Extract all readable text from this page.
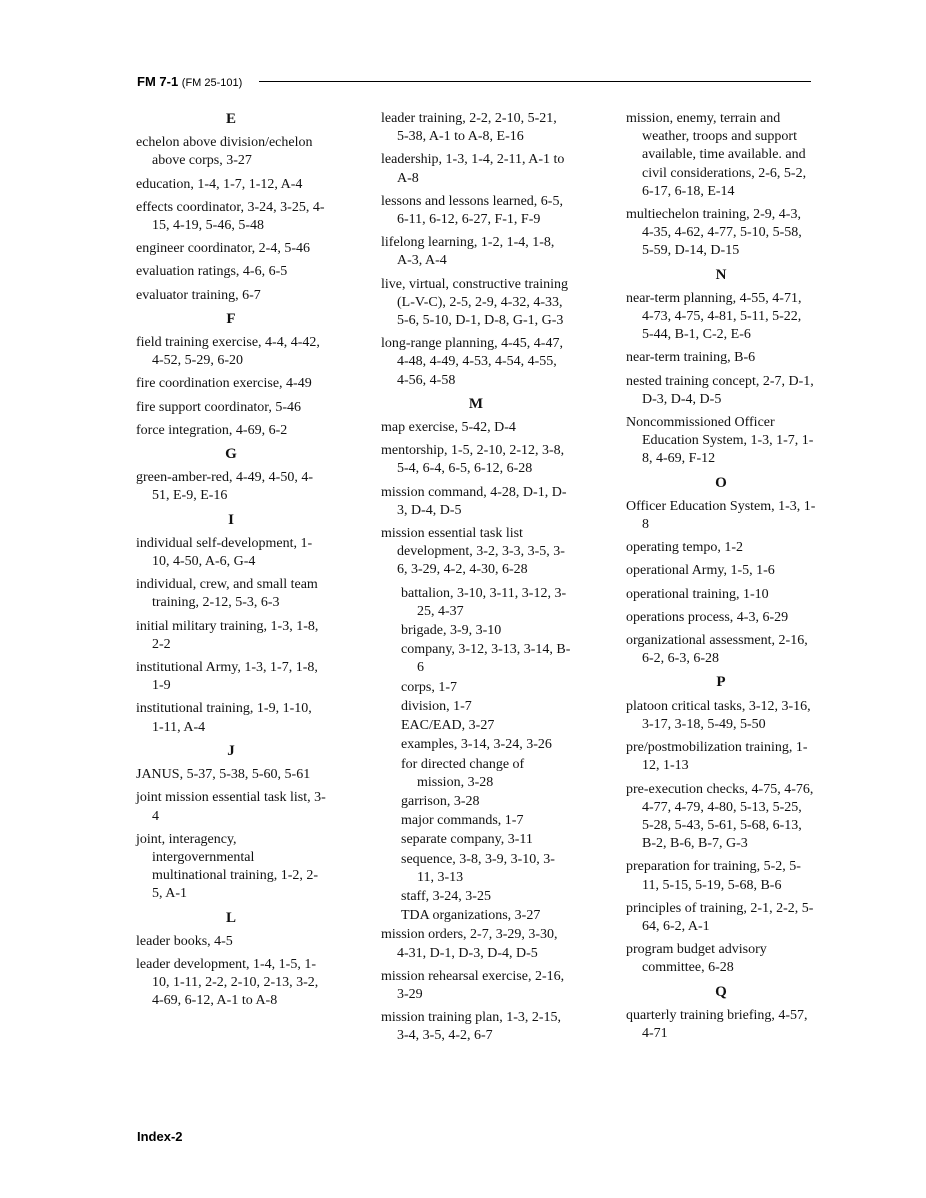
FM 7-1 (FM 25-101)
E
echelon above division/echelon above corps, 3-27
education, 1-4, 1-7, 1-12, A-4
effects coordinator, 3-24, 3-25, 4-15, 4-19, 5-46, 5-48
engineer coordinator, 2-4, 5-46
evaluation ratings, 4-6, 6-5
evaluator training, 6-7
F
field training exercise, 4-4, 4-42, 4-52, 5-29, 6-20
fire coordination exercise, 4-49
fire support coordinator, 5-46
force integration, 4-69, 6-2
G
green-amber-red, 4-49, 4-50, 4-51, E-9, E-16
I
individual self-development, 1-10, 4-50, A-6, G-4
individual, crew, and small team training, 2-12, 5-3, 6-3
initial military training, 1-3, 1-8, 2-2
institutional Army, 1-3, 1-7, 1-8, 1-9
institutional training, 1-9, 1-10, 1-11, A-4
J
JANUS, 5-37, 5-38, 5-60, 5-61
joint mission essential task list, 3-4
joint, interagency, intergovernmental multinational training, 1-2, 2-5, A-1
L
leader books, 4-5
leader development, 1-4, 1-5, 1-10, 1-11, 2-2, 2-10, 2-13, 3-2, 4-69, 6-12, A-1 to A-8
leader training, 2-2, 2-10, 5-21, 5-38, A-1 to A-8, E-16
leadership, 1-3, 1-4, 2-11, A-1 to A-8
lessons and lessons learned, 6-5, 6-11, 6-12, 6-27, F-1, F-9
lifelong learning, 1-2, 1-4, 1-8, A-3, A-4
live, virtual, constructive training (L-V-C), 2-5, 2-9, 4-32, 4-33, 5-6, 5-10, D-1, D-8, G-1, G-3
long-range planning, 4-45, 4-47, 4-48, 4-49, 4-53, 4-54, 4-55, 4-56, 4-58
M
map exercise, 5-42, D-4
mentorship, 1-5, 2-10, 2-12, 3-8, 5-4, 6-4, 6-5, 6-12, 6-28
mission command, 4-28, D-1, D-3, D-4, D-5
mission essential task list development, 3-2, 3-3, 3-5, 3-6, 3-29, 4-2, 4-30, 6-28
battalion, 3-10, 3-11, 3-12, 3-25, 4-37
brigade, 3-9, 3-10
company, 3-12, 3-13, 3-14, B-6
corps, 1-7
division, 1-7
EAC/EAD, 3-27
examples, 3-14, 3-24, 3-26
for directed change of mission, 3-28
garrison, 3-28
major commands, 1-7
separate company, 3-11
sequence, 3-8, 3-9, 3-10, 3-11, 3-13
staff, 3-24, 3-25
TDA organizations, 3-27
mission orders, 2-7, 3-29, 3-30, 4-31, D-1, D-3, D-4, D-5
mission rehearsal exercise, 2-16, 3-29
mission training plan, 1-3, 2-15, 3-4, 3-5, 4-2, 6-7
mission, enemy, terrain and weather, troops and support available, time available. and civil considerations, 2-6, 5-2, 6-17, 6-18, E-14
multiechelon training, 2-9, 4-3, 4-35, 4-62, 4-77, 5-10, 5-58, 5-59, D-14, D-15
N
near-term planning, 4-55, 4-71, 4-73, 4-75, 4-81, 5-11, 5-22, 5-44, B-1, C-2, E-6
near-term training, B-6
nested training concept, 2-7, D-1, D-3, D-4, D-5
Noncommissioned Officer Education System, 1-3, 1-7, 1-8, 4-69, F-12
O
Officer Education System, 1-3, 1-8
operating tempo, 1-2
operational Army, 1-5, 1-6
operational training, 1-10
operations process, 4-3, 6-29
organizational assessment, 2-16, 6-2, 6-3, 6-28
P
platoon critical tasks, 3-12, 3-16, 3-17, 3-18, 5-49, 5-50
pre/postmobilization training, 1-12, 1-13
pre-execution checks, 4-75, 4-76, 4-77, 4-79, 4-80, 5-13, 5-25, 5-28, 5-43, 5-61, 5-68, 6-13, B-2, B-6, B-7, G-3
preparation for training, 5-2, 5-11, 5-15, 5-19, 5-68, B-6
principles of training, 2-1, 2-2, 5-64, 6-2, A-1
program budget advisory committee, 6-28
Q
quarterly training briefing, 4-57, 4-71
Index-2
